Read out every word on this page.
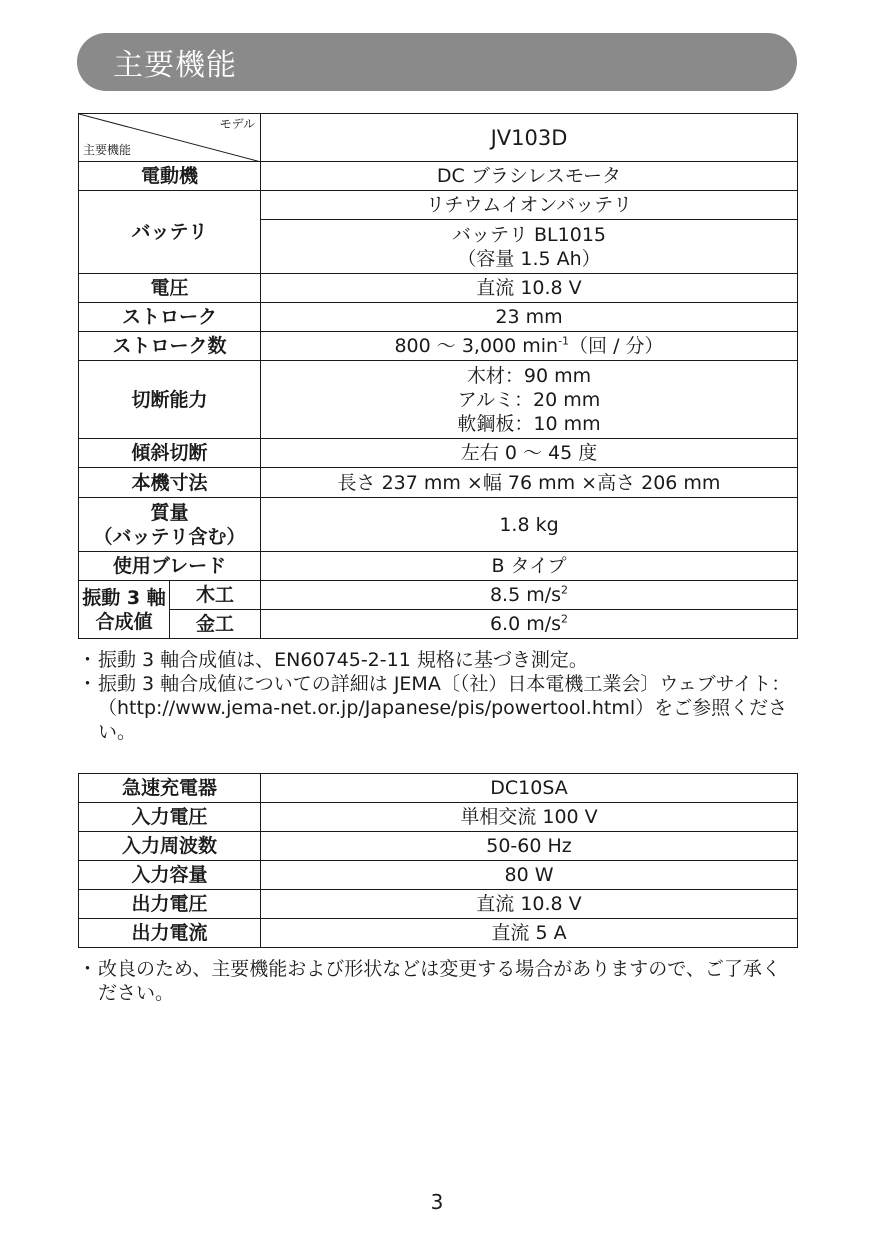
主要機能
モデル
主要機能		JV103D
電動機		DC ブラシレスモータ
バッテリ		リチウムイオンバッテリ

		バッテリ BL1015
（容量 1.5 Ah）

電圧		直流 10.8 V
ストローク		23 mm
ストローク数		800 ～ 3,000 $\min^{-1}$（回 / 分）
切断能力		木材：90 mm
アルミ：20 mm
軟鋼板：10 mm

傾斜切断		左右 0 ～ 45 度
本機寸法		長さ 237 mm ×幅 76 mm ×高さ 206 mm

質量
（バッテリ含む）		1.8 kg
使用ブレード		B タイプ

振動 3 軸
合成値	木工	8.5 $m/s^2$
	金工	6.0 $m/s^2$
・ 振動 3 軸合成値は、EN60745-2-11 規格に基づき測定。
・ 振動 3 軸合成値についての詳細は JEMA〔（社）日本電機工業会〕ウェブサイト：（http://www.jema-net.or.jp/Japanese/pis/powertool.html）をご参照ください。
急速充電器	DC10SA
入力電圧	単相交流 100 V
入力周波数	50-60 Hz
入力容量	80 W
出力電圧	直流 10.8 V
出力電流	直流 5 A
・ 改良のため、主要機能および形状などは変更する場合がありますので、ご了承ください。
3
